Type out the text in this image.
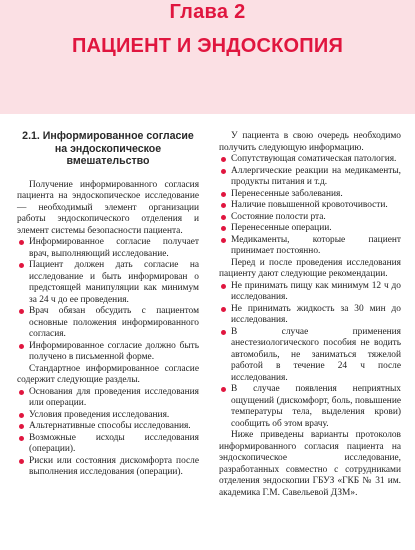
Глава 2
ПАЦИЕНТ И ЭНДОСКОПИЯ
2.1. Информированное согласие на эндоскопическое вмешательство

Получение информированного согласия пациента на эндоскопическое исследование — необходимый элемент организации работы эндоскопического отделения и элемент системы безопасности пациента.

Информированное согласие получает врач, выполняющий исследование.
Пациент должен дать согласие на исследование и быть информирован о предстоящей манипуляции как минимум за 24 ч до ее проведения.
Врач обязан обсудить с пациентом основные положения информированного согласия.
Информированное согласие должно быть получено в письменной форме.

Стандартное информированное согласие содержит следующие разделы.

Основания для проведения исследования или операции.
Условия проведения исследования.
Альтернативные способы исследования.
Возможные исходы исследования (операции).
Риски или состояния дискомфорта после выполнения исследования (операции).

У пациента в свою очередь необходимо получить следующую информацию.

Сопутствующая соматическая патология.
Аллергические реакции на медикаменты, продукты питания и т.д.
Перенесенные заболевания.
Наличие повышенной кровоточивости.
Состояние полости рта.
Перенесенные операции.
Медикаменты, которые пациент принимает постоянно.

Перед и после проведения исследования пациенту дают следующие рекомендации.

Не принимать пищу как минимум 12 ч до исследования.
Не принимать жидкость за 30 мин до исследования.
В случае применения анестезиологического пособия не водить автомобиль, не заниматься тяжелой работой в течение 24 ч после исследования.
В случае появления неприятных ощущений (дискомфорт, боль, повышение температуры тела, выделения крови) сообщить об этом врачу.

Ниже приведены варианты протоколов информированного согласия пациента на эндоскопическое исследование, разработанных совместно с сотрудниками отделения эндоскопии ГБУЗ «ГКБ № 31 им. академика Г.М. Савельевой ДЗМ».
